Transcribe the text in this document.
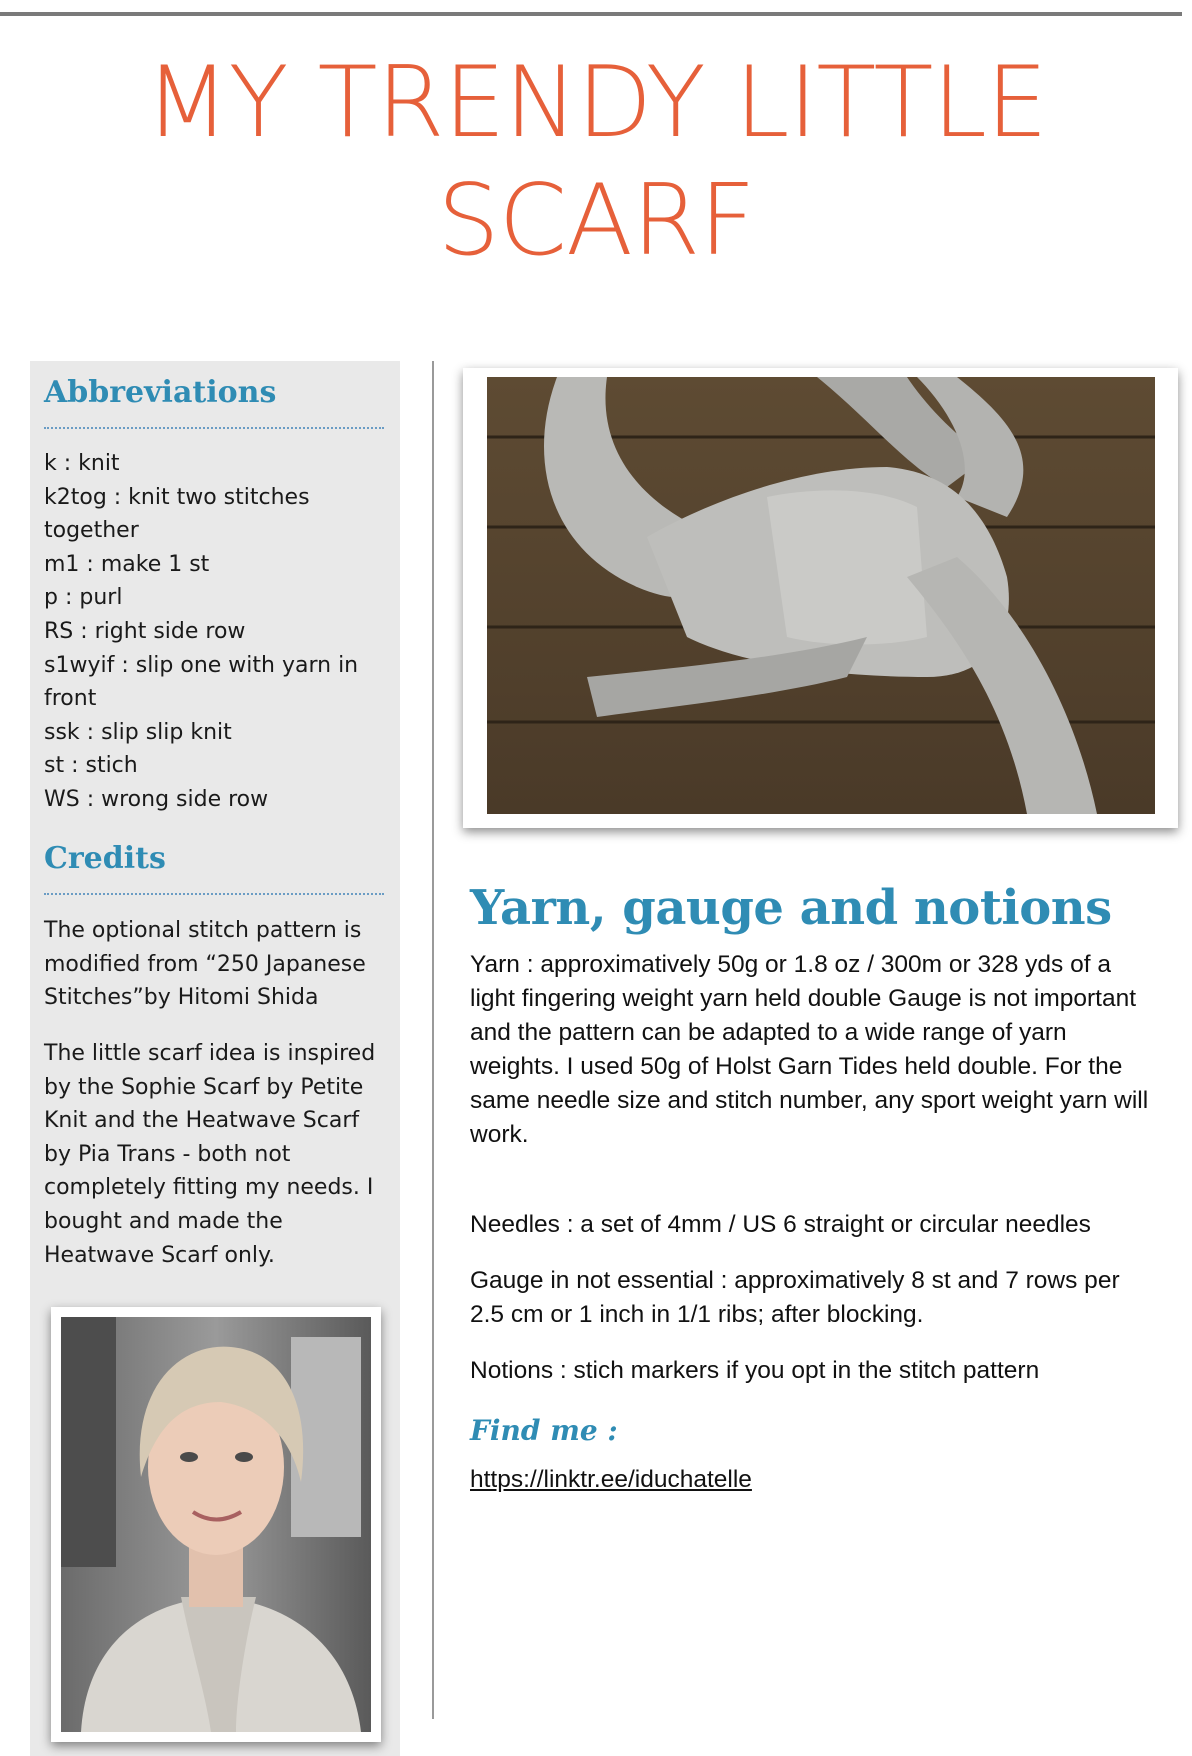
MY TRENDY LITTLE
SCARF
Abbreviations
k : knit
k2tog : knit two stitches
together
m1 : make 1 st
p : purl
RS : right side row
s1wyif : slip one with yarn in
front
ssk : slip slip knit
st : stich
WS : wrong side row
Credits

The optional stitch pattern is modified from “250 Japanese Stitches”by Hitomi Shida

The little scarf idea is inspired by the Sophie Scarf by Petite Knit and the Heatwave Scarf by Pia Trans - both not completely fitting my needs. I bought and made the Heatwave Scarf only.

Yarn, gauge and notions

Yarn : approximatively 50g or 1.8 oz / 300m or 328 yds of a light fingering weight yarn held double Gauge is not important and the pattern can be adapted to a wide range of yarn weights. I used 50g of Holst Garn Tides held double. For the same needle size and stitch number, any sport weight yarn will work.

Needles : a set of 4mm / US 6 straight or circular needles

Gauge in not essential : approximatively 8 st and 7 rows per 2.5 cm or 1 inch in 1/1 ribs; after blocking.

Notions : stich markers if you opt in the stitch pattern

Find me :
https://linktr.ee/iduchatelle
